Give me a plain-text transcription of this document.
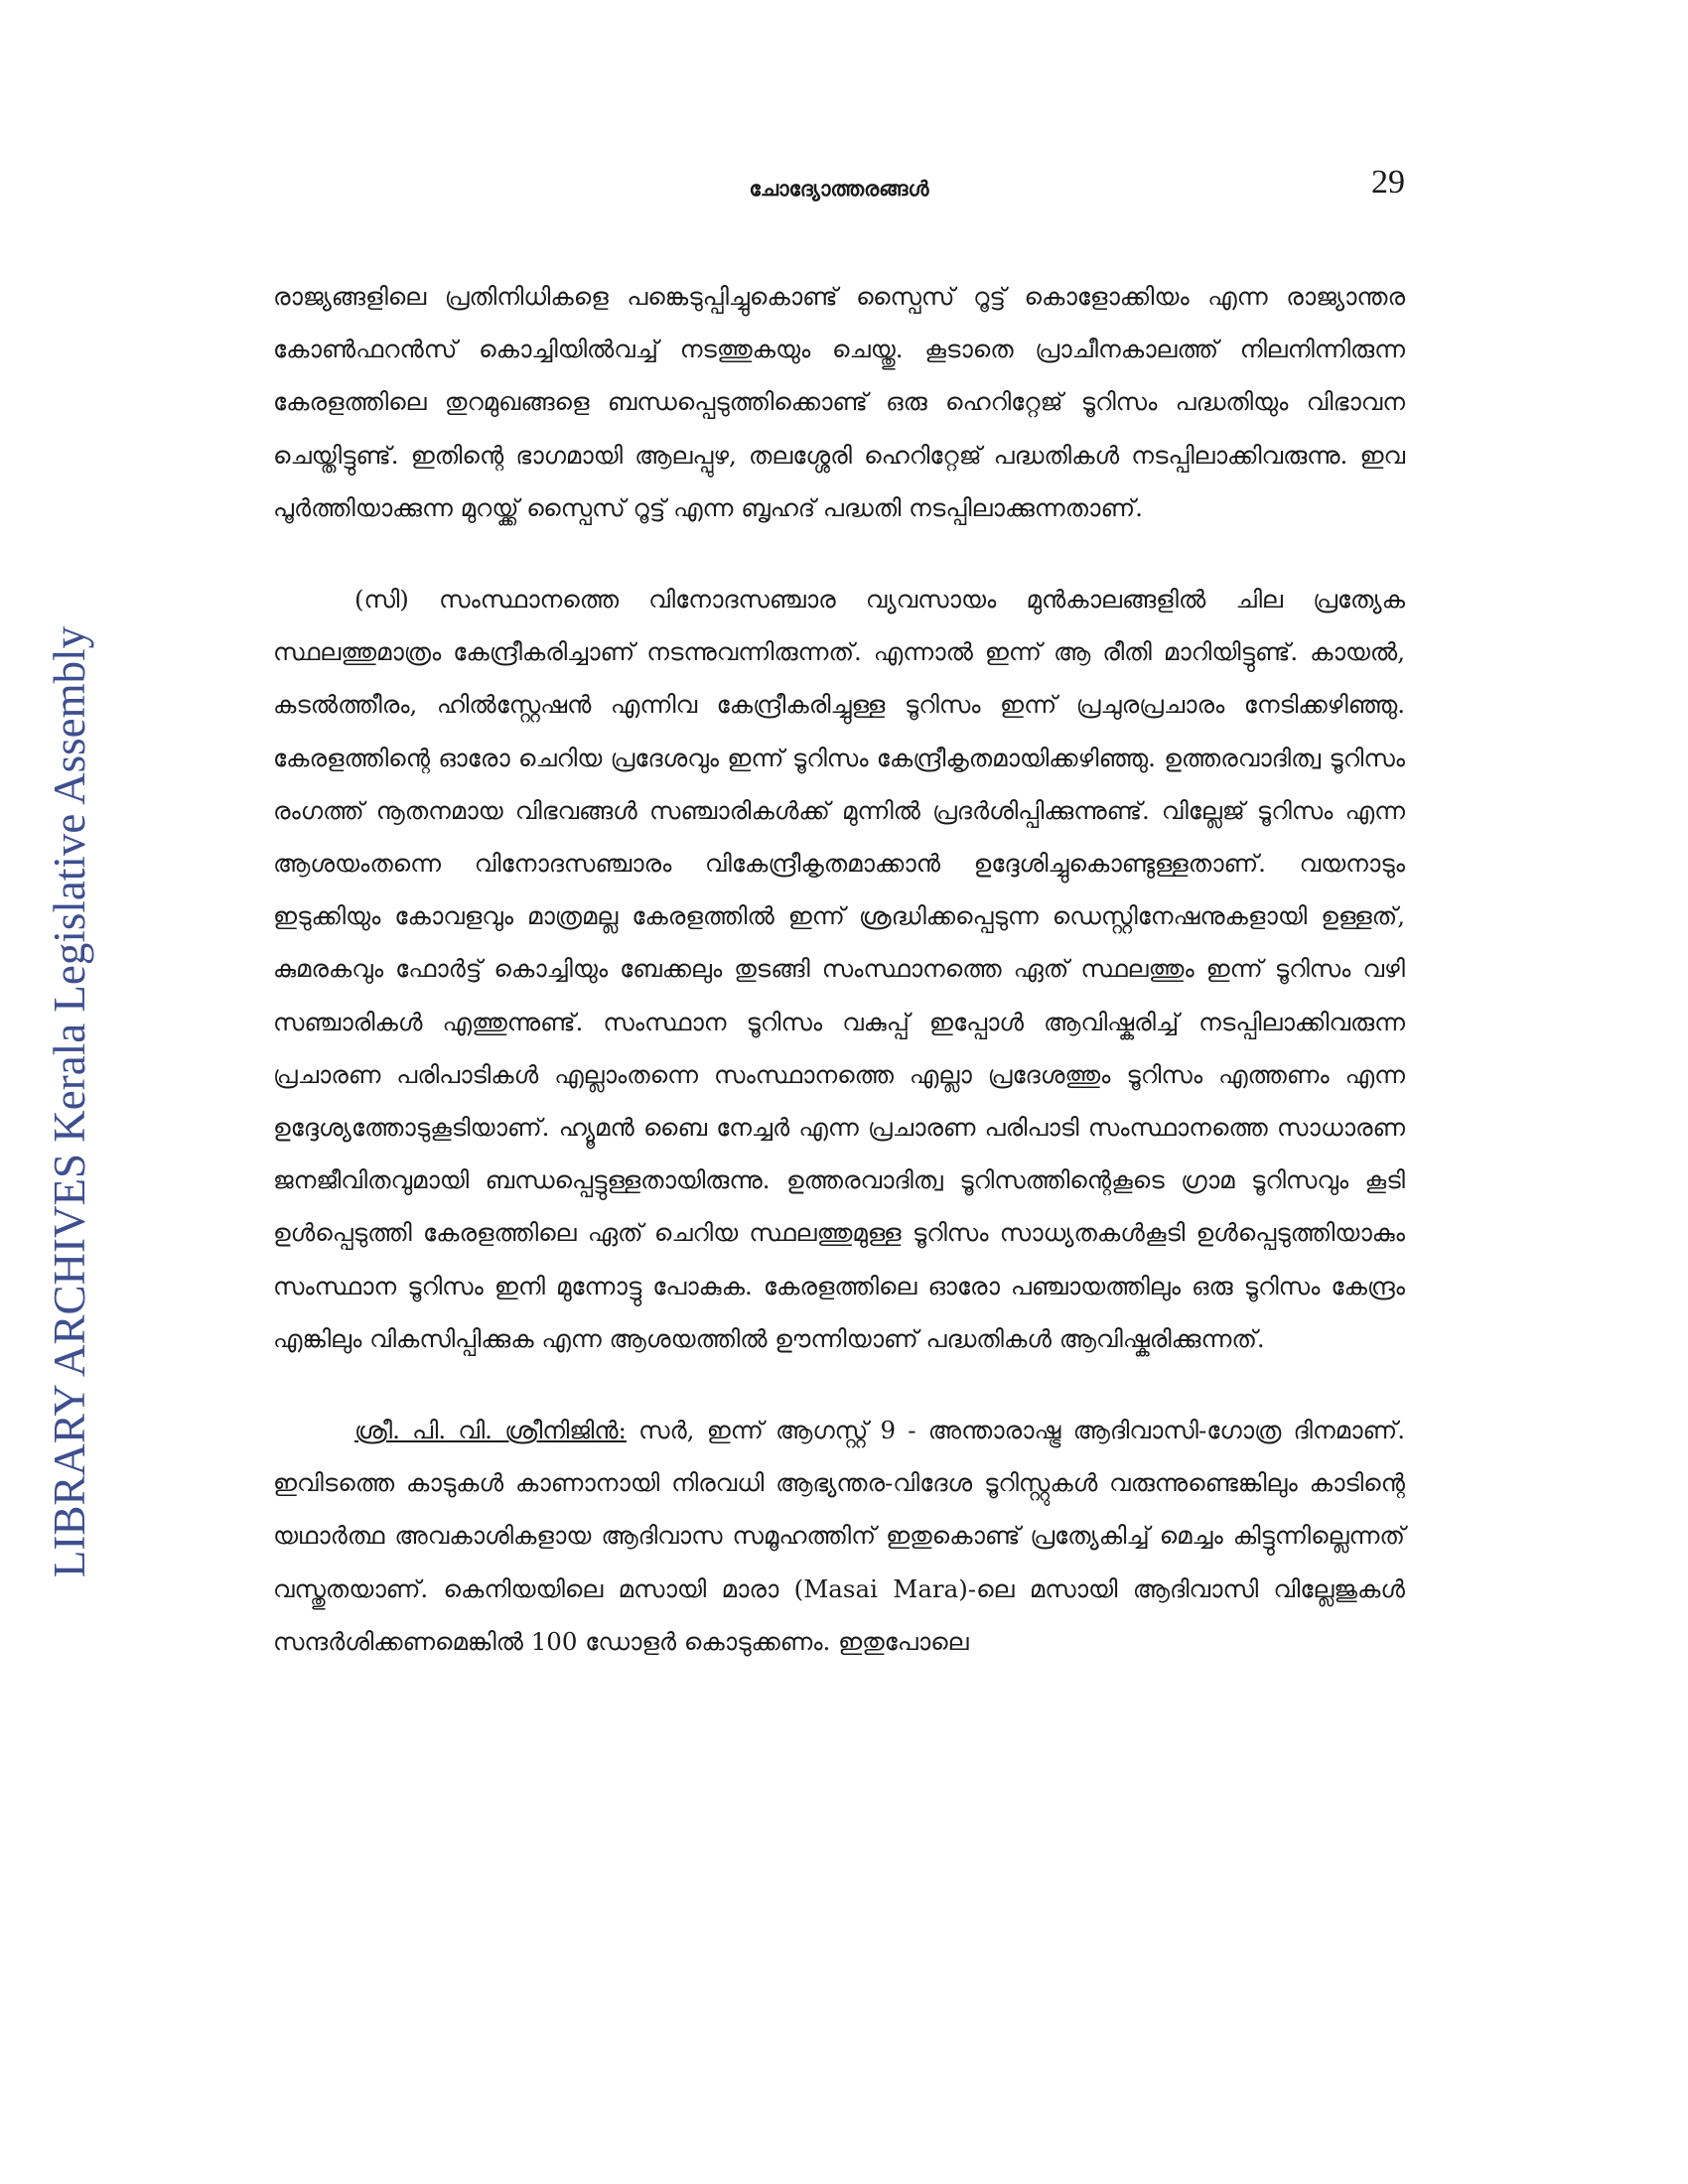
LIBRARY ARCHIVES Kerala Legislative Assembly
ചോദ്യോത്തരങ്ങൾ	29

രാജ്യങ്ങളിലെ പ്രതിനിധികളെ പങ്കെടുപ്പിച്ചുകൊണ്ട് സ്പൈസ് റൂട്ട് കൊളോക്കിയം എന്ന രാജ്യാന്തര കോൺഫറൻസ് കൊച്ചിയിൽവച്ച് നടത്തുകയും ചെയ്തു. കൂടാതെ പ്രാചീനകാലത്ത് നിലനിന്നിരുന്ന കേരളത്തിലെ തുറമുഖങ്ങളെ ബന്ധപ്പെടുത്തിക്കൊണ്ട് ഒരു ഹെറിറ്റേജ് ടൂറിസം പദ്ധതിയും വിഭാവന ചെയ്തിട്ടുണ്ട്. ഇതിന്റെ ഭാഗമായി ആലപ്പുഴ, തലശ്ശേരി ഹെറിറ്റേജ് പദ്ധതികൾ നടപ്പിലാക്കിവരുന്നു. ഇവ പൂർത്തിയാക്കുന്ന മുറയ്ക്ക് സ്പൈസ് റൂട്ട് എന്ന ബൃഹദ് പദ്ധതി നടപ്പിലാക്കുന്നതാണ്.

(സി) സംസ്ഥാനത്തെ വിനോദസഞ്ചാര വ്യവസായം മുൻകാലങ്ങളിൽ ചില പ്രത്യേക സ്ഥലത്തുമാത്രം കേന്ദ്രീകരിച്ചാണ് നടന്നുവന്നിരുന്നത്. എന്നാൽ ഇന്ന് ആ രീതി മാറിയിട്ടുണ്ട്. കായൽ, കടൽത്തീരം, ഹിൽസ്റ്റേഷൻ എന്നിവ കേന്ദ്രീകരിച്ചുള്ള ടൂറിസം ഇന്ന് പ്രചുരപ്രചാരം നേടിക്കഴിഞ്ഞു. കേരളത്തിന്റെ ഓരോ ചെറിയ പ്രദേശവും ഇന്ന് ടൂറിസം കേന്ദ്രീകൃതമായിക്കഴിഞ്ഞു. ഉത്തരവാദിത്വ ടൂറിസം രംഗത്ത് നൂതനമായ വിഭവങ്ങൾ സഞ്ചാരികൾക്ക് മുന്നിൽ പ്രദർശിപ്പിക്കുന്നുണ്ട്. വില്ലേജ് ടൂറിസം എന്ന ആശയംതന്നെ വിനോദസഞ്ചാരം വികേന്ദ്രീകൃതമാക്കാൻ ഉദ്ദേശിച്ചുകൊണ്ടുള്ളതാണ്. വയനാടും ഇടുക്കിയും കോവളവും മാത്രമല്ല കേരളത്തിൽ ഇന്ന് ശ്രദ്ധിക്കപ്പെടുന്ന ഡെസ്റ്റിനേഷനുകളായി ഉള്ളത്, കുമരകവും ഫോർട്ട് കൊച്ചിയും ബേക്കലും തുടങ്ങി സംസ്ഥാനത്തെ ഏത് സ്ഥലത്തും ഇന്ന് ടൂറിസം വഴി സഞ്ചാരികൾ എത്തുന്നുണ്ട്. സംസ്ഥാന ടൂറിസം വകുപ്പ് ഇപ്പോൾ ആവിഷ്കരിച്ച് നടപ്പിലാക്കിവരുന്ന പ്രചാരണ പരിപാടികൾ എല്ലാംതന്നെ സംസ്ഥാനത്തെ എല്ലാ പ്രദേശത്തും ടൂറിസം എത്തണം എന്ന ഉദ്ദേശ്യത്തോടുകൂടിയാണ്. ഹ്യൂമൻ ബൈ നേച്ചർ എന്ന പ്രചാരണ പരിപാടി സംസ്ഥാനത്തെ സാധാരണ ജനജീവിതവുമായി ബന്ധപ്പെട്ടുള്ളതായിരുന്നു. ഉത്തരവാദിത്വ ടൂറിസത്തിന്റെകൂടെ ഗ്രാമ ടൂറിസവും കൂടി ഉൾപ്പെടുത്തി കേരളത്തിലെ ഏത് ചെറിയ സ്ഥലത്തുമുള്ള ടൂറിസം സാധ്യതകൾകൂടി ഉൾപ്പെടുത്തിയാകും സംസ്ഥാന ടൂറിസം ഇനി മുന്നോട്ടു പോകുക. കേരളത്തിലെ ഓരോ പഞ്ചായത്തിലും ഒരു ടൂറിസം കേന്ദ്രം എങ്കിലും വികസിപ്പിക്കുക എന്ന ആശയത്തിൽ ഊന്നിയാണ് പദ്ധതികൾ ആവിഷ്കരിക്കുന്നത്.

ശ്രീ. പി. വി. ശ്രീനിജിൻ: സർ, ഇന്ന് ആഗസ്റ്റ് 9 - അന്താരാഷ്ട്ര ആദിവാസി-ഗോത്ര ദിനമാണ്. ഇവിടത്തെ കാടുകൾ കാണാനായി നിരവധി ആഭ്യന്തര-വിദേശ ടൂറിസ്റ്റുകൾ വരുന്നുണ്ടെങ്കിലും കാടിന്റെ യഥാർത്ഥ അവകാശികളായ ആദിവാസ സമൂഹത്തിന് ഇതുകൊണ്ട് പ്രത്യേകിച്ച് മെച്ചം കിട്ടുന്നില്ലെന്നത് വസ്തുതയാണ്. കെനിയയിലെ മസായി മാരാ (Masai Mara)-ലെ മസായി ആദിവാസി വില്ലേജുകൾ സന്ദർശിക്കണമെങ്കിൽ 100 ഡോളർ കൊടുക്കണം. ഇതുപോലെ
